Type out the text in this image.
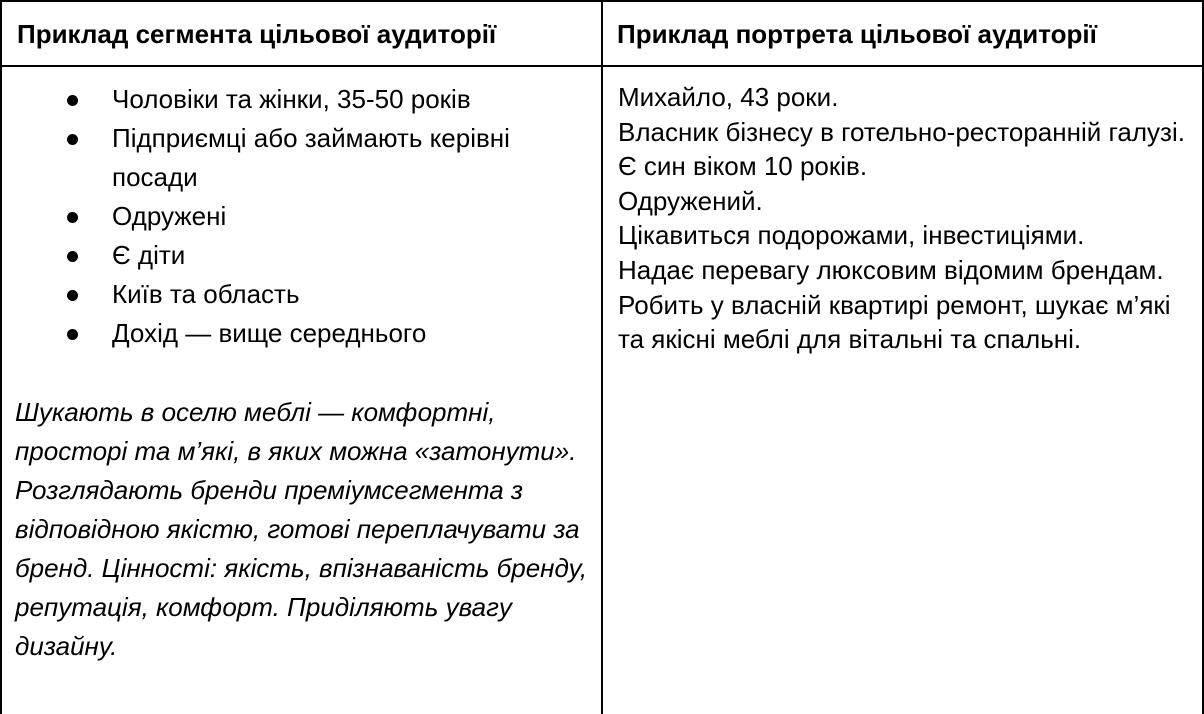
Приклад сегмента цільової аудиторії	Приклад портрета цільової аудиторії
Чоловіки та жінки, 35-50 років
Підприємці або займають керівні посади
Одружені
Є діти
Київ та область
Дохід — вище середнього
Шукають в оселю меблі — комфортні, просторі та м’які, в яких можна «затонути». Розглядають бренди преміумсегмента з відповідною якістю, готові переплачувати за бренд. Цінності: якість, впізнаваність бренду, репутація, комфорт. Приділяють увагу дизайну.

Михайло, 43 роки.

Власник бізнесу в готельно-ресторанній галузі.

Є син віком 10 років.

Одружений.

Цікавиться подорожами, інвестиціями.

Надає перевагу люксовим відомим брендам.

Робить у власній квартирі ремонт, шукає м’які та якісні меблі для вітальні та спальні.
